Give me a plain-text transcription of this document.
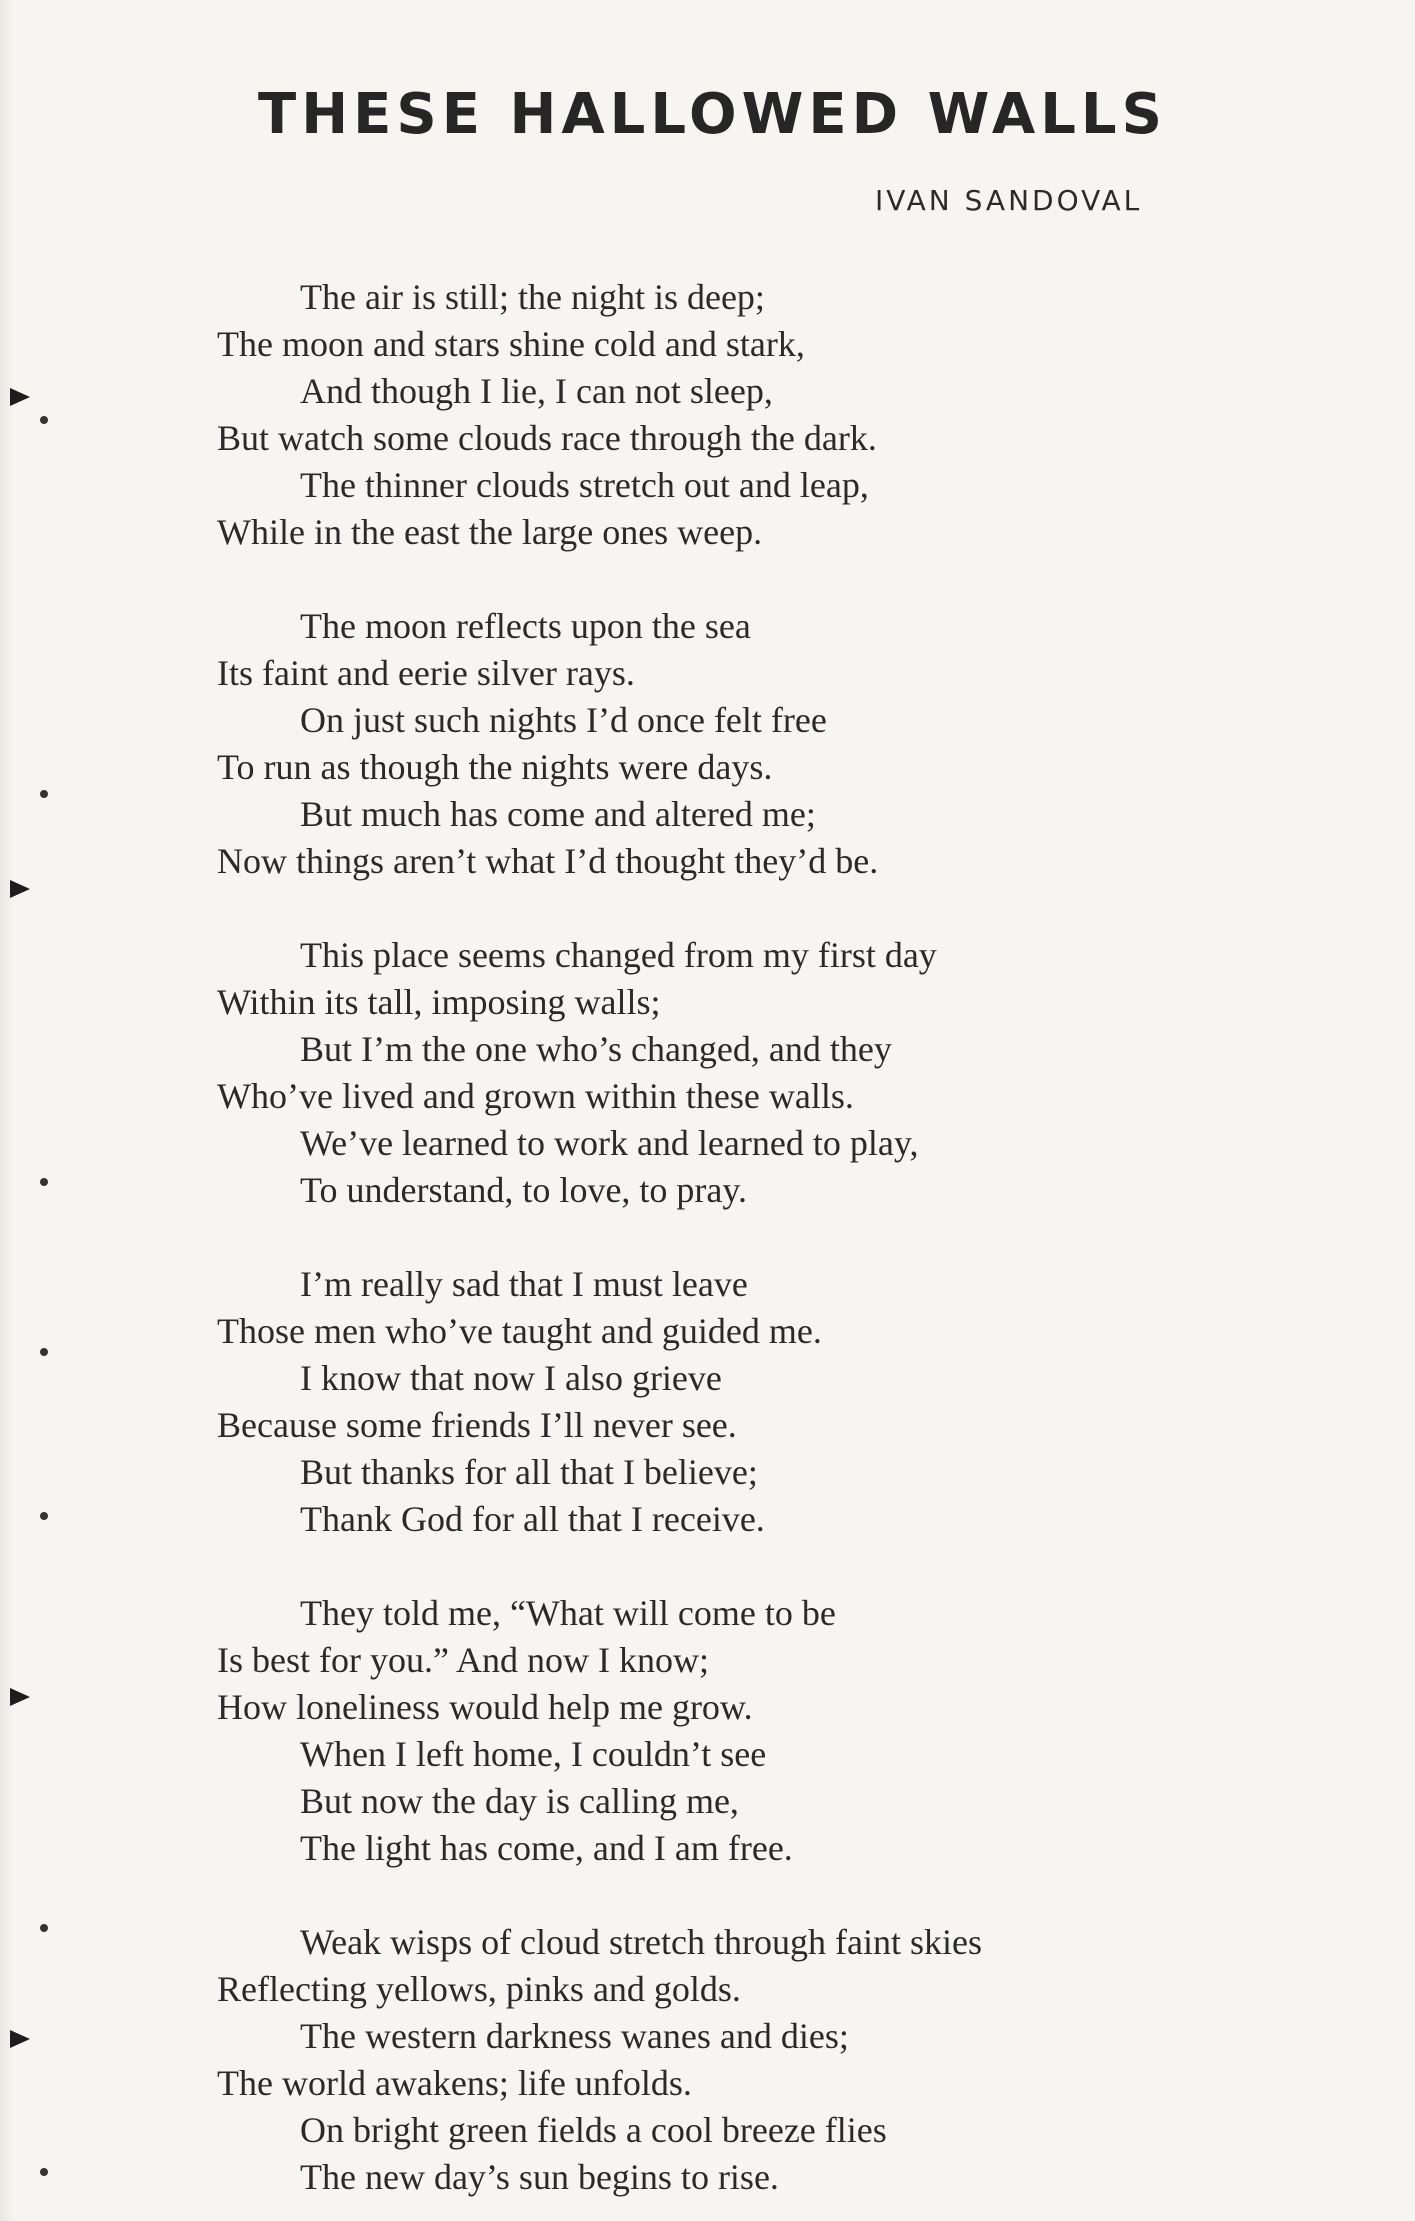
THESE HALLOWED WALLS
IVAN SANDOVAL
The air is still; the night is deep;
The moon and stars shine cold and stark,
And though I lie, I can not sleep,
But watch some clouds race through the dark.
The thinner clouds stretch out and leap,
While in the east the large ones weep.
The moon reflects upon the sea
Its faint and eerie silver rays.
On just such nights I’d once felt free
To run as though the nights were days.
But much has come and altered me;
Now things aren’t what I’d thought they’d be.
This place seems changed from my first day
Within its tall, imposing walls;
But I’m the one who’s changed, and they
Who’ve lived and grown within these walls.
We’ve learned to work and learned to play,
To understand, to love, to pray.
I’m really sad that I must leave
Those men who’ve taught and guided me.
I know that now I also grieve
Because some friends I’ll never see.
But thanks for all that I believe;
Thank God for all that I receive.
They told me, “What will come to be
Is best for you.” And now I know;
How loneliness would help me grow.
When I left home, I couldn’t see
But now the day is calling me,
The light has come, and I am free.
Weak wisps of cloud stretch through faint skies
Reflecting yellows, pinks and golds.
The western darkness wanes and dies;
The world awakens; life unfolds.
On bright green fields a cool breeze flies
The new day’s sun begins to rise.
